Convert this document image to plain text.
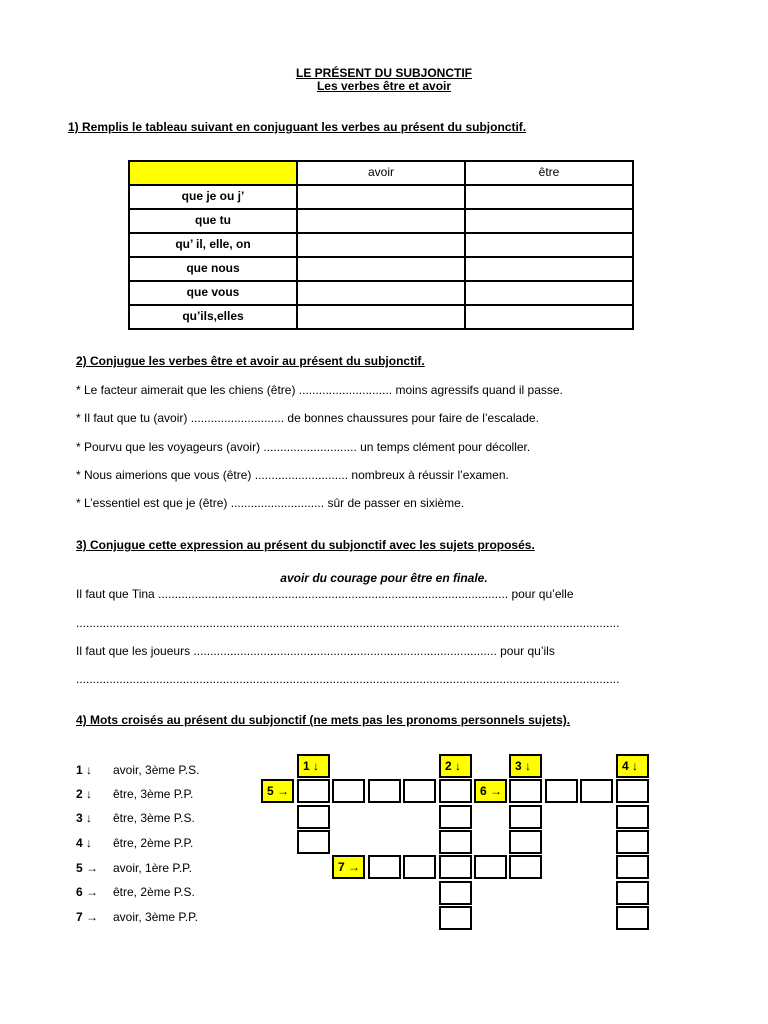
LE PRÉSENT DU SUBJONCTIF
Les verbes être et avoir
1) Remplis le tableau suivant en conjuguant les verbes au présent du subjonctif.
	avoir	être
que je ou j’		
que tu		
qu’ il, elle, on		
que nous		
que vous		
qu’ils,elles		
2) Conjugue les verbes être et avoir au présent du subjonctif.
* Le facteur aimerait que les chiens (être) ............................ moins agressifs quand il passe.
* Il faut que tu (avoir) ............................ de bonnes chaussures pour faire de l’escalade.
* Pourvu que les voyageurs (avoir) ............................ un temps clément pour décoller.
* Nous aimerions que vous (être) ............................ nombreux à réussir l’examen.
* L’essentiel est que je (être) ............................ sûr de passer en sixième.
3) Conjugue cette expression au présent du subjonctif avec les sujets proposés.
avoir du courage pour être en finale.
Il faut que Tina ......................................................................................................... pour qu’elle
...................................................................................................................................................................
Il faut que les joueurs ........................................................................................... pour qu’ils
...................................................................................................................................................................
4) Mots croisés au présent du subjonctif (ne mets pas les pronoms personnels sujets).
1 ↓ avoir, 3ème P.S.
2 ↓ être, 3ème P.P.
3 ↓ être, 3ème P.S.
4 ↓ être, 2ème P.P.
5 → avoir, 1ère P.P.
6 → être, 2ème P.S.
7 → avoir, 3ème P.P.
1 ↓	2 ↓	3 ↓	4 ↓
5 →	6 →
7 →
